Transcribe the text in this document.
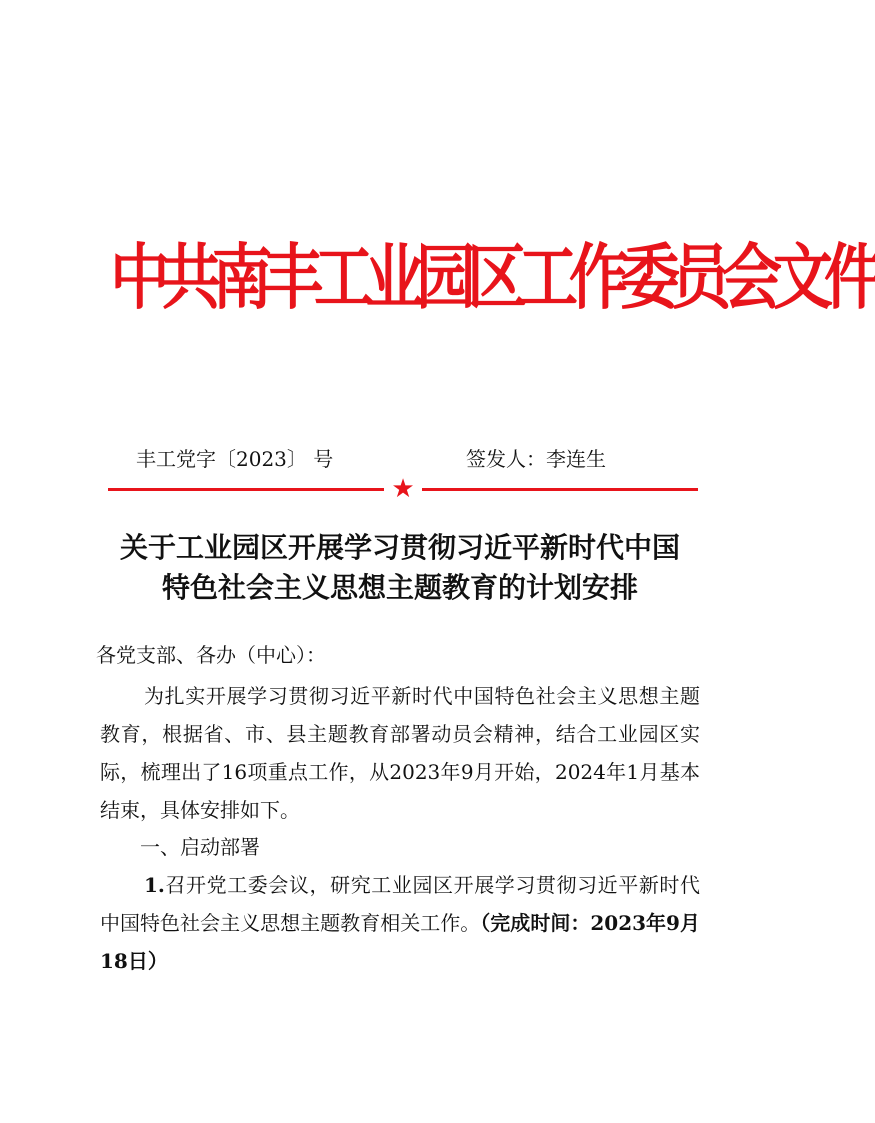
中共南丰工业园区工作委员会文件
丰工党字〔2023〕 号	签发人：李连生
★
关于工业园区开展学习贯彻习近平新时代中国
特色社会主义思想主题教育的计划安排
各党支部、各办（中心）：
为扎实开展学习贯彻习近平新时代中国特色社会主义思想主题教育，根据省、市、县主题教育部署动员会精神，结合工业园区实际，梳理出了16项重点工作，从2023年9月开始，2024年1月基本结束，具体安排如下。
一、启动部署
1.召开党工委会议，研究工业园区开展学习贯彻习近平新时代中国特色社会主义思想主题教育相关工作。（完成时间：2023年9月18日）
